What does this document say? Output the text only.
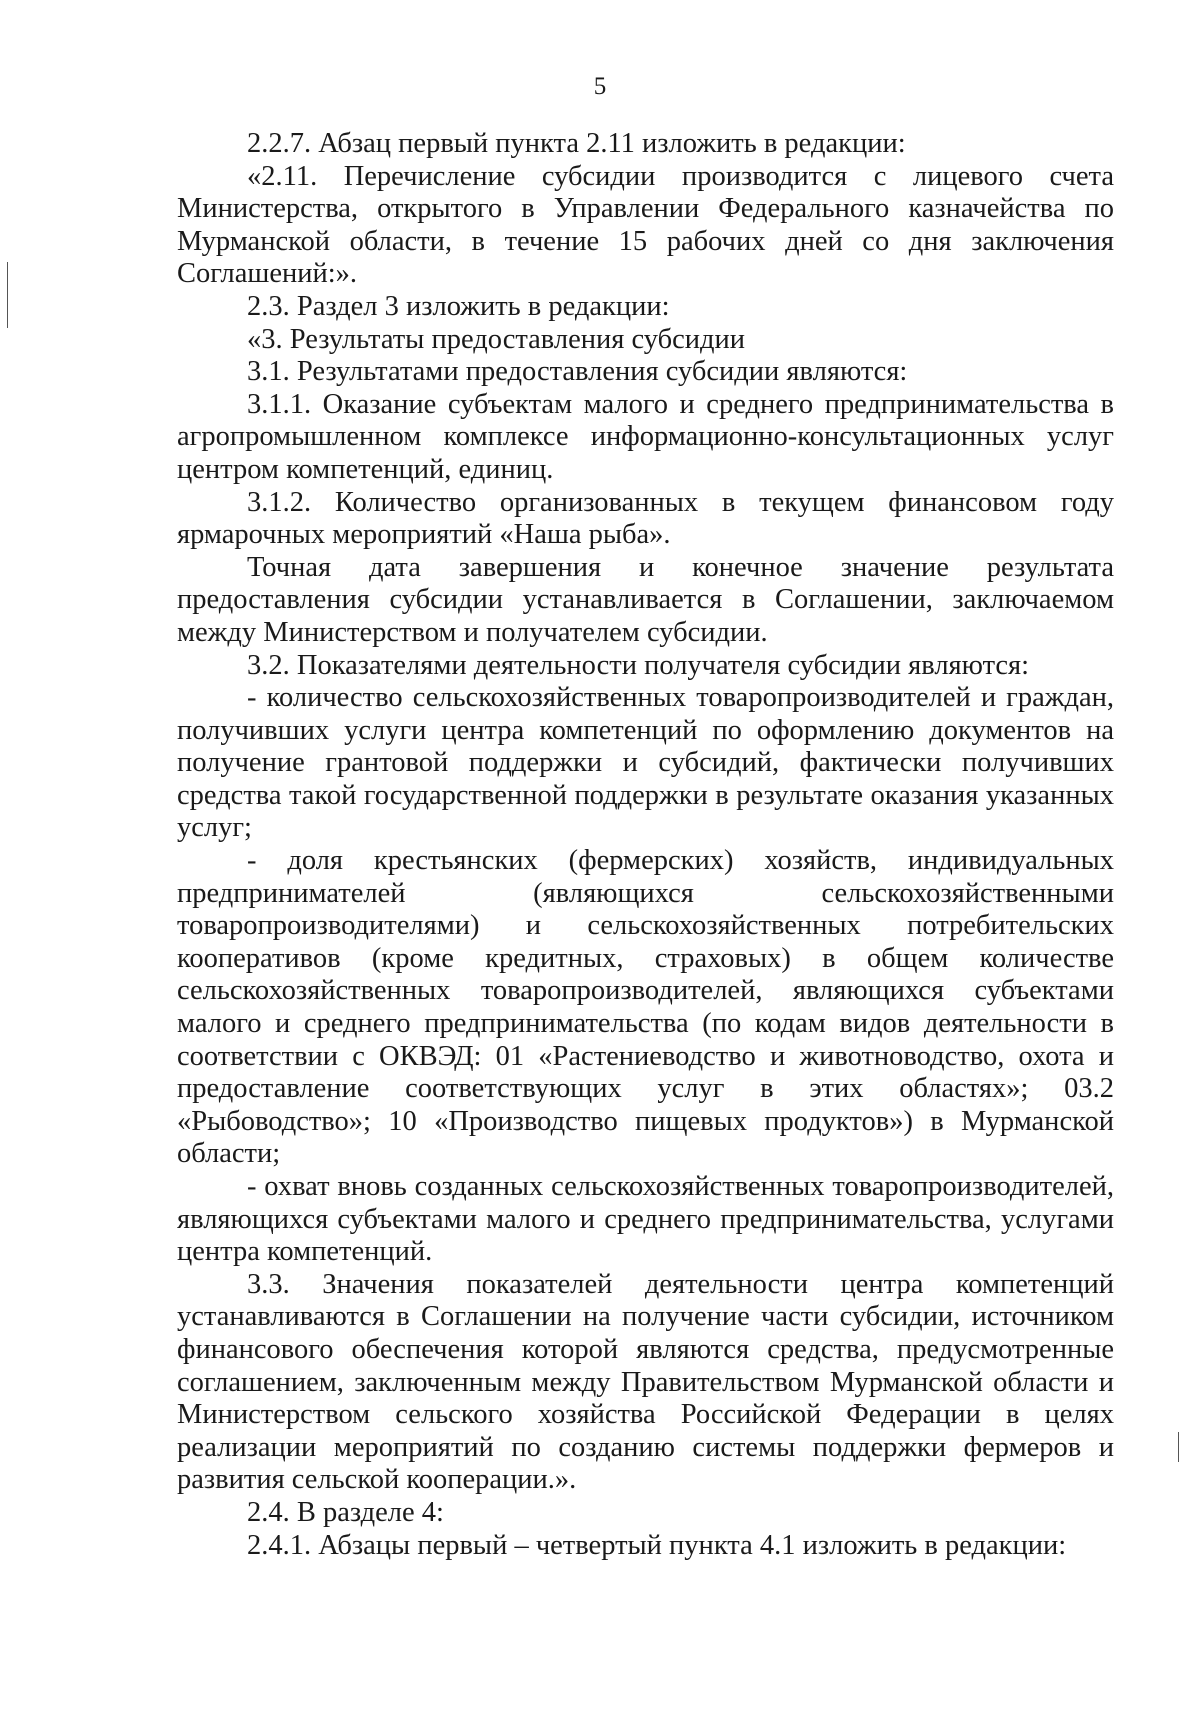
5

2.2.7. Абзац первый пункта 2.11 изложить в редакции:

«2.11. Перечисление субсидии производится с лицевого счета Министерства, открытого в Управлении Федерального казначейства по Мурманской области, в течение 15 рабочих дней со дня заключения Соглашений:».

2.3. Раздел 3 изложить в редакции:

«3. Результаты предоставления субсидии

3.1. Результатами предоставления субсидии являются:

3.1.1. Оказание субъектам малого и среднего предпринимательства в агропромышленном комплексе информационно-консультационных услуг центром компетенций, единиц.

3.1.2. Количество организованных в текущем финансовом году ярмарочных мероприятий «Наша рыба».

Точная дата завершения и конечное значение результата предоставления субсидии устанавливается в Соглашении, заключаемом между Министерством и получателем субсидии.

3.2. Показателями деятельности получателя субсидии являются:

- количество сельскохозяйственных товаропроизводителей и граждан, получивших услуги центра компетенций по оформлению документов на получение грантовой поддержки и субсидий, фактически получивших средства такой государственной поддержки в результате оказания указанных услуг;

- доля крестьянских (фермерских) хозяйств, индивидуальных предпринимателей (являющихся сельскохозяйственными товаропроизводителями) и сельскохозяйственных потребительских кооперативов (кроме кредитных, страховых) в общем количестве сельскохозяйственных товаропроизводителей, являющихся субъектами малого и среднего предпринимательства (по кодам видов деятельности в соответствии с ОКВЭД: 01 «Растениеводство и животноводство, охота и предоставление соответствующих услуг в этих областях»; 03.2 «Рыбоводство»; 10 «Производство пищевых продуктов») в Мурманской области;

- охват вновь созданных сельскохозяйственных товаропроизводителей, являющихся субъектами малого и среднего предпринимательства, услугами центра компетенций.

3.3. Значения показателей деятельности центра компетенций устанавливаются в Соглашении на получение части субсидии, источником финансового обеспечения которой являются средства, предусмотренные соглашением, заключенным между Правительством Мурманской области и Министерством сельского хозяйства Российской Федерации в целях реализации мероприятий по созданию системы поддержки фермеров и развития сельской кооперации.».

2.4. В разделе 4:

2.4.1. Абзацы первый – четвертый пункта 4.1 изложить в редакции:
